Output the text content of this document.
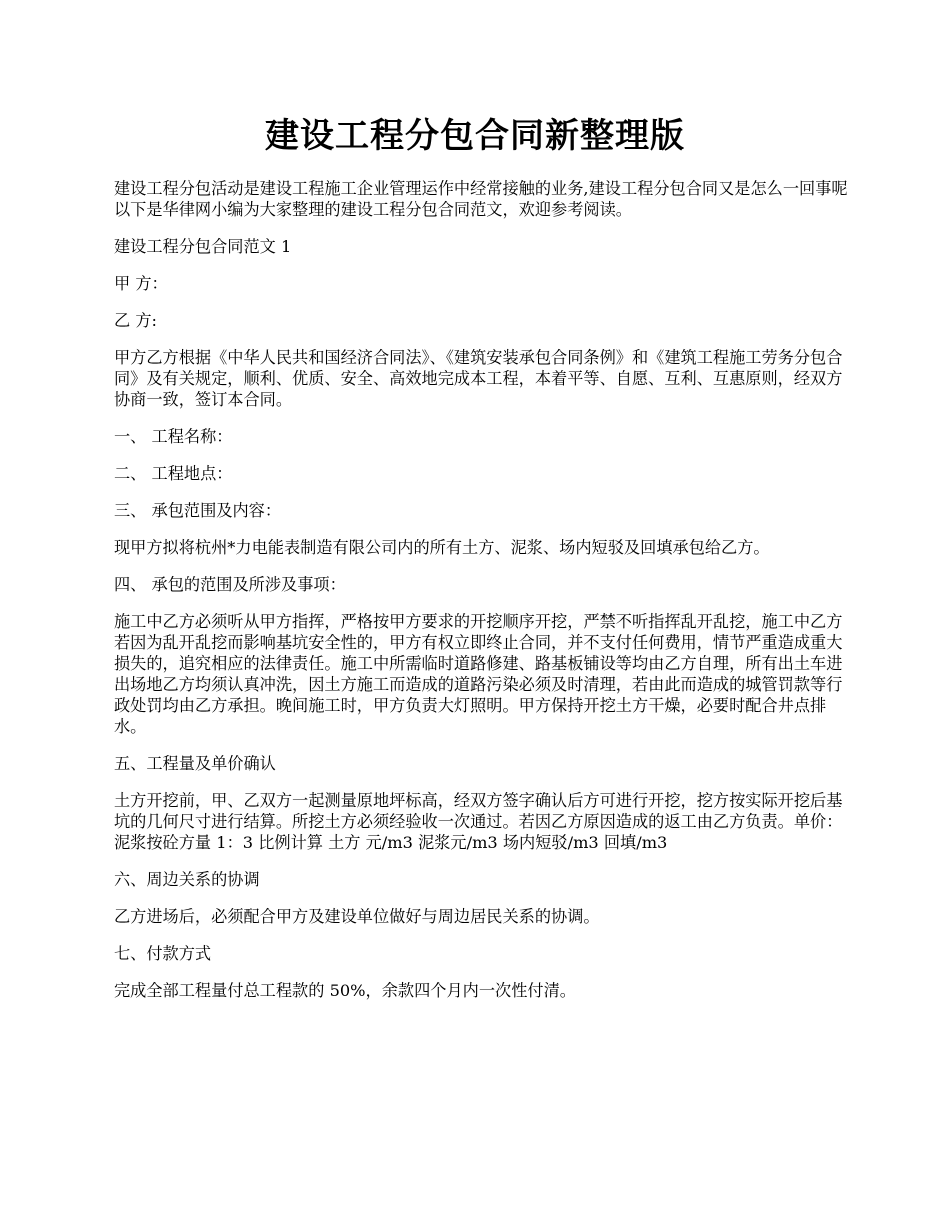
建设工程分包合同新整理版

建设工程分包活动是建设工程施工企业管理运作中经常接触的业务,建设工程分包合同又是怎么一回事呢 以下是华律网小编为大家整理的建设工程分包合同范文，欢迎参考阅读。

建设工程分包合同范文 1

甲 方：

乙 方:

甲方乙方根据《中华人民共和国经济合同法》、《建筑安装承包合同条例》和《建筑工程施工劳务分包合同》及有关规定，顺利、优质、安全、高效地完成本工程，本着平等、自愿、互利、互惠原则，经双方协商一致，签订本合同。

一、 工程名称：

二、 工程地点：

三、 承包范围及内容：

现甲方拟将杭州*力电能表制造有限公司内的所有土方、泥浆、场内短驳及回填承包给乙方。

四、 承包的范围及所涉及事项：

施工中乙方必须听从甲方指挥，严格按甲方要求的开挖顺序开挖，严禁不听指挥乱开乱挖，施工中乙方若因为乱开乱挖而影响基坑安全性的，甲方有权立即终止合同，并不支付任何费用，情节严重造成重大损失的，追究相应的法律责任。施工中所需临时道路修建、路基板铺设等均由乙方自理，所有出土车进出场地乙方均须认真冲洗，因土方施工而造成的道路污染必须及时清理，若由此而造成的城管罚款等行政处罚均由乙方承担。晚间施工时，甲方负责大灯照明。甲方保持开挖土方干燥，必要时配合井点排水。

五、工程量及单价确认

土方开挖前，甲、乙双方一起测量原地坪标高，经双方签字确认后方可进行开挖，挖方按实际开挖后基坑的几何尺寸进行结算。所挖土方必须经验收一次通过。若因乙方原因造成的返工由乙方负责。单价：泥浆按砼方量 1：3 比例计算 土方 元/m3 泥浆元/m3 场内短驳/m3 回填/m3

六、周边关系的协调

乙方进场后，必须配合甲方及建设单位做好与周边居民关系的协调。

七、付款方式

完成全部工程量付总工程款的 50%，余款四个月内一次性付清。
